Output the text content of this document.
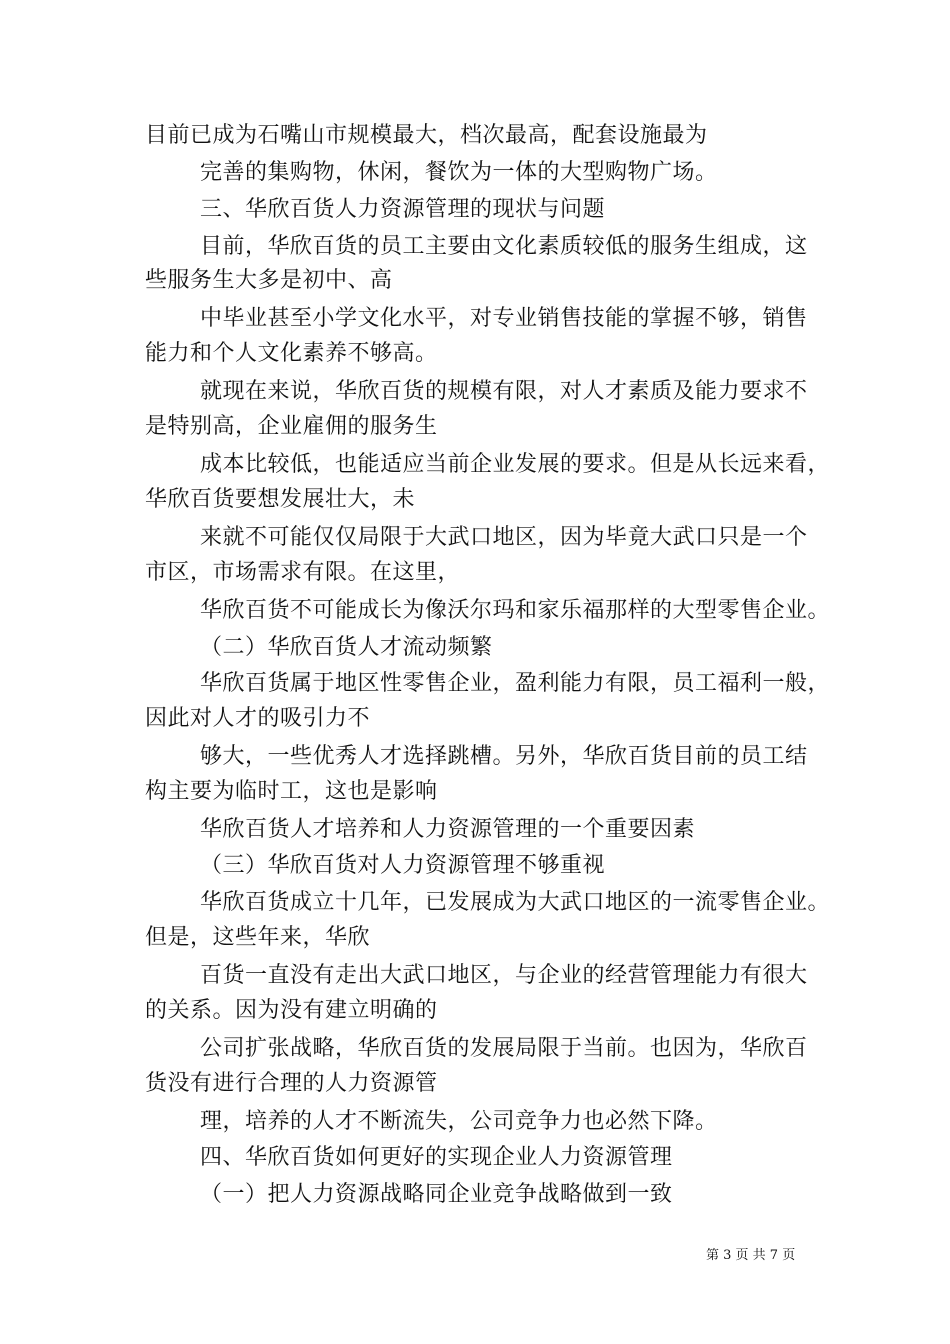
目前已成为石嘴山市规模最大，档次最高，配套设施最为
完善的集购物，休闲，餐饮为一体的大型购物广场。
三、华欣百货人力资源管理的现状与问题
目前，华欣百货的员工主要由文化素质较低的服务生组成，这
些服务生大多是初中、高
中毕业甚至小学文化水平，对专业销售技能的掌握不够，销售
能力和个人文化素养不够高。
就现在来说，华欣百货的规模有限，对人才素质及能力要求不
是特别高，企业雇佣的服务生
成本比较低，也能适应当前企业发展的要求。但是从长远来看，
华欣百货要想发展壮大，未
来就不可能仅仅局限于大武口地区，因为毕竟大武口只是一个
市区，市场需求有限。在这里，
华欣百货不可能成长为像沃尔玛和家乐福那样的大型零售企业。
（二）华欣百货人才流动频繁
华欣百货属于地区性零售企业，盈利能力有限，员工福利一般，
因此对人才的吸引力不
够大，一些优秀人才选择跳槽。另外，华欣百货目前的员工结
构主要为临时工，这也是影响
华欣百货人才培养和人力资源管理的一个重要因素
（三）华欣百货对人力资源管理不够重视
华欣百货成立十几年，已发展成为大武口地区的一流零售企业。
但是，这些年来，华欣
百货一直没有走出大武口地区，与企业的经营管理能力有很大
的关系。因为没有建立明确的
公司扩张战略，华欣百货的发展局限于当前。也因为，华欣百
货没有进行合理的人力资源管
理，培养的人才不断流失，公司竞争力也必然下降。
四、华欣百货如何更好的实现企业人力资源管理
（一）把人力资源战略同企业竞争战略做到一致
第 3 页 共 7 页
